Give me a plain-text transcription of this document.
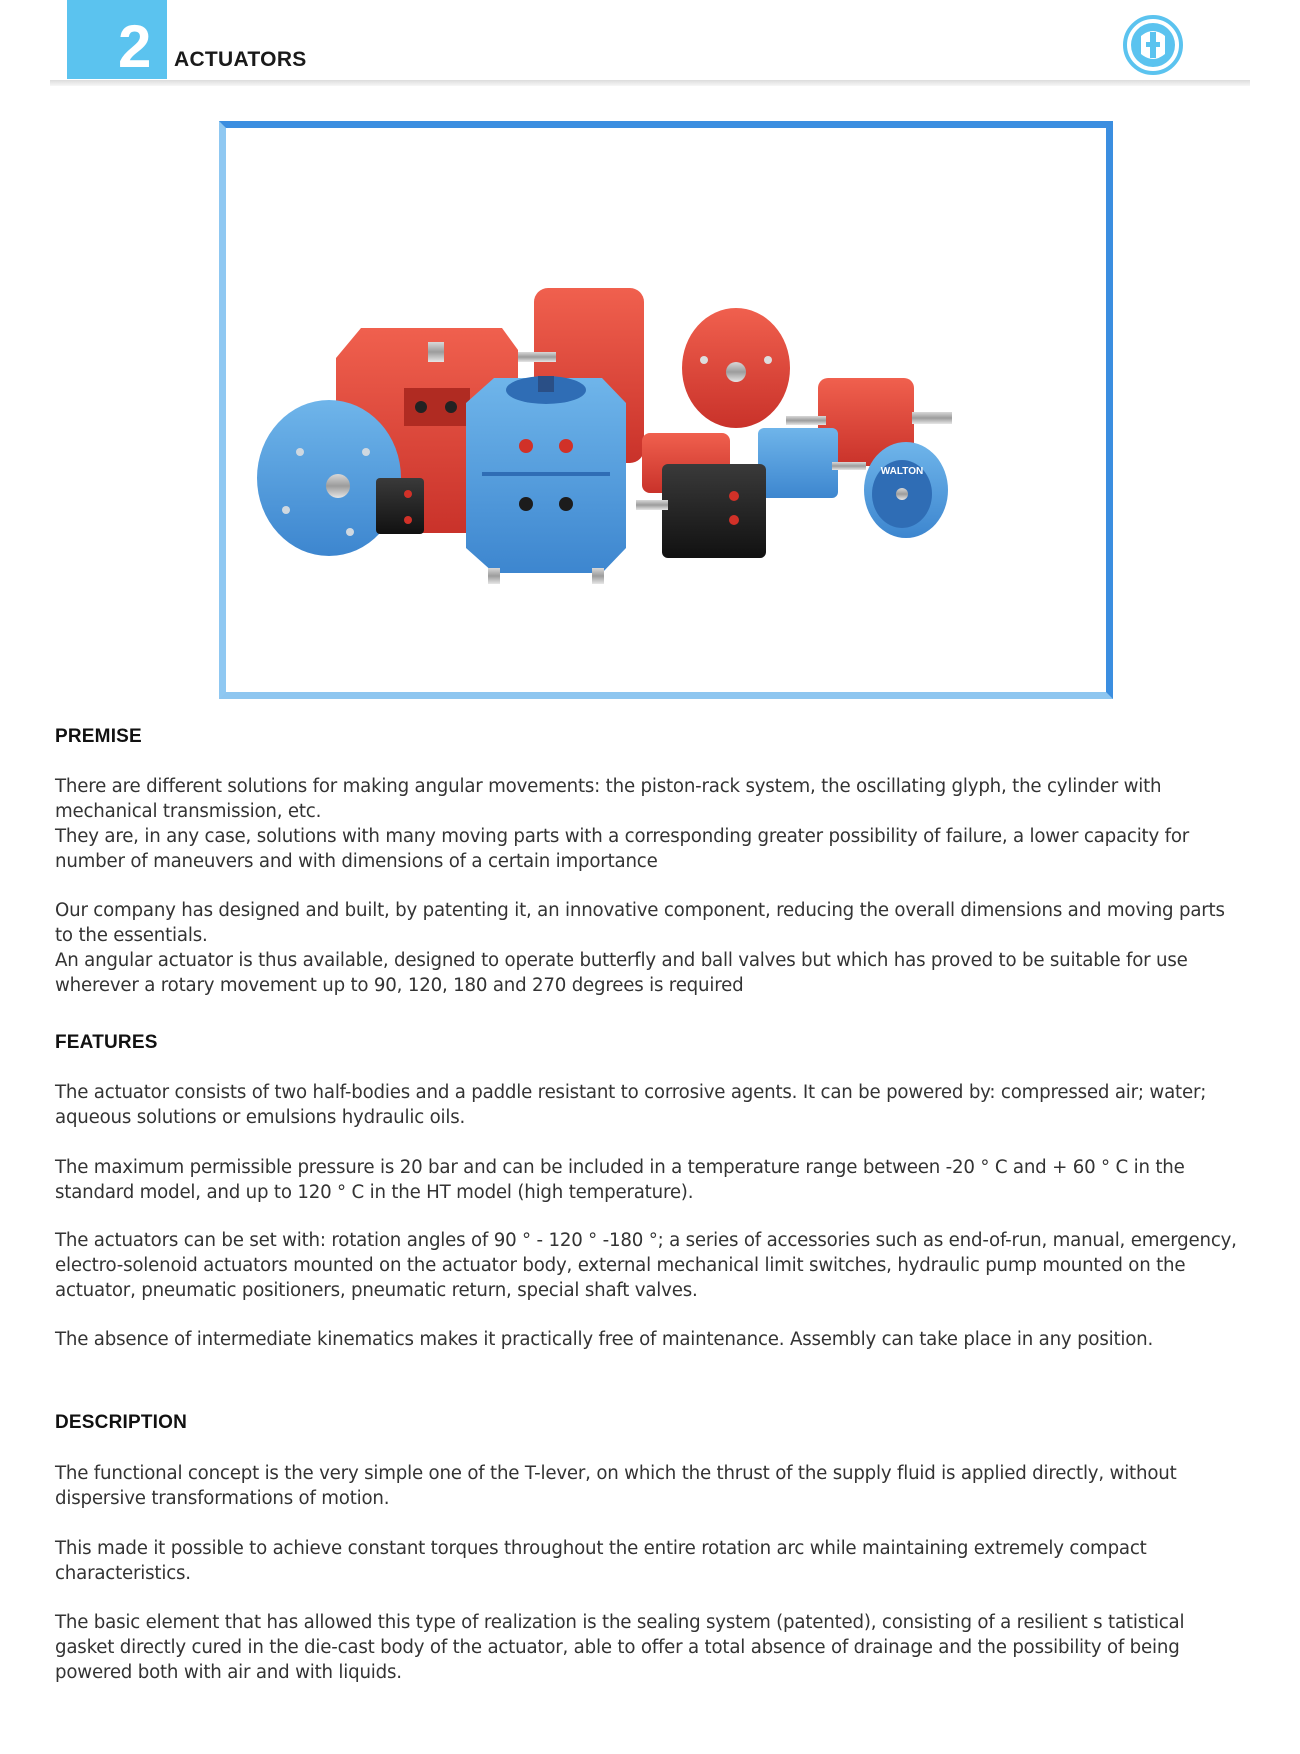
2 ACTUATORS
WALTON
PREMISE

There are different solutions for making angular movements: the piston-rack system, the oscillating glyph, the cylinder with mechanical transmission, etc.

They are, in any case, solutions with many moving parts with a corresponding greater possibility of failure, a lower capacity for number of maneuvers and with dimensions of a certain importance

Our company has designed and built, by patenting it, an innovative component, reducing the overall dimensions and moving parts to the essentials.

An angular actuator is thus available, designed to operate butterfly and ball valves but which has proved to be suitable for use wherever a rotary movement up to 90, 120, 180 and 270 degrees is required

FEATURES

The actuator consists of two half-bodies and a paddle resistant to corrosive agents. It can be powered by: compressed air; water; aqueous solutions or emulsions hydraulic oils.

The maximum permissible pressure is 20 bar and can be included in a temperature range between -20 ° C and + 60 ° C in the standard model, and up to 120 ° C in the HT model (high temperature).

The actuators can be set with: rotation angles of 90 ° - 120 ° -180 °; a series of accessories such as end-of-run, manual, emergency, electro-solenoid actuators mounted on the actuator body, external mechanical limit switches, hydraulic pump mounted on the actuator, pneumatic positioners, pneumatic return, special shaft valves.

The absence of intermediate kinematics makes it practically free of maintenance. Assembly can take place in any position.

DESCRIPTION

The functional concept is the very simple one of the T-lever, on which the thrust of the supply fluid is applied directly, without dispersive transformations of motion.

This made it possible to achieve constant torques throughout the entire rotation arc while maintaining extremely compact characteristics.

The basic element that has allowed this type of realization is the sealing system (patented), consisting of a resilient s tatistical gasket directly cured in the die-cast body of the actuator, able to offer a total absence of drainage and the possibility of being powered both with air and with liquids.
